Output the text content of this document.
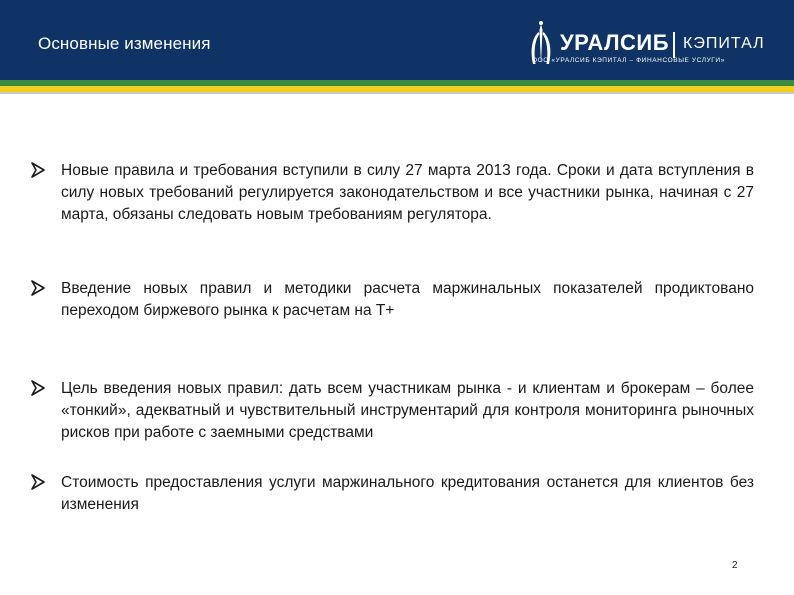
Основные изменения	УРАЛСИБ КЭПИТАЛ
ООО «УРАЛСИБ КЭПИТАЛ – ФИНАНСОВЫЕ УСЛУГИ»
Новые правила и требования вступили в силу 27 марта 2013 года. Сроки и дата вступления в силу новых требований регулируется законодательством и все участники рынка, начиная с 27 марта, обязаны следовать новым требованиям регулятора.
Введение новых правил и методики расчета маржинальных показателей продиктовано переходом биржевого рынка к расчетам на Т+
Цель введения новых правил: дать всем участникам рынка - и клиентам и брокерам – более «тонкий», адекватный и чувствительный инструментарий для контроля мониторинга рыночных рисков при работе с заемными средствами
Стоимость предоставления услуги маржинального кредитования останется для клиентов без изменения
2
